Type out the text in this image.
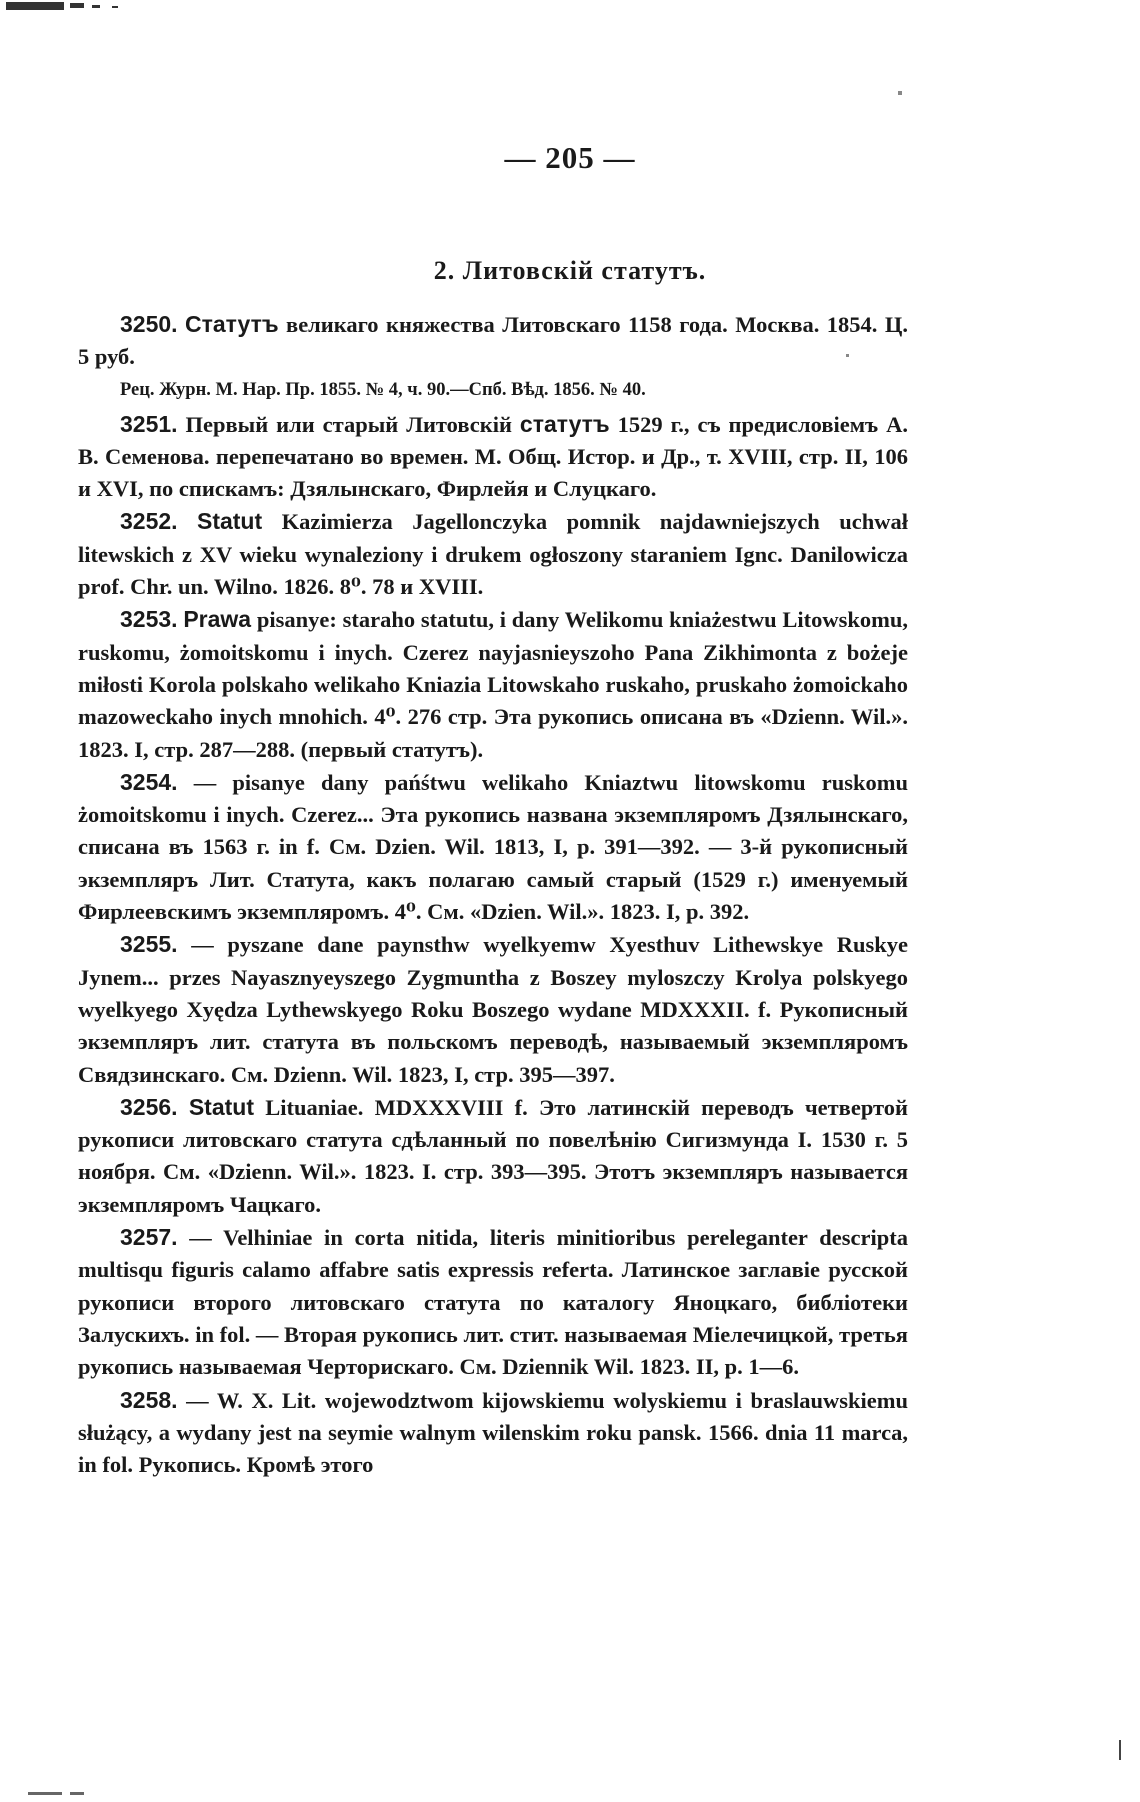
— 205 —
2. Литовскій статутъ.

3250. Статутъ великаго княжества Литовскаго 1158 года. Москва. 1854. Ц. 5 руб.

Рец. Журн. М. Нар. Пр. 1855. № 4, ч. 90.—Спб. Вѣд. 1856. № 40.

3251. Первый или старый Литовскій статутъ 1529 г., съ предисловіемъ А. В. Семенова. перепечатано во времен. М. Общ. Истор. и Др., т. XVIII, стр. II, 106 и XVI, по спискамъ: Дзялынскаго, Фирлейя и Слуцкаго.

3252. Statut Kazimierza Jagellonczyka pomnik najdawniejszych uchwał litewskich z XV wieku wynaleziony i drukem ogłoszony staraniem Ignc. Danilowicza prof. Chr. un. Wilno. 1826. 8⁰. 78 и XVIII.

3253. Prawa pisanye: staraho statutu, i dany Welikomu kniażestwu Litowskomu, ruskomu, żomoitskomu i inych. Czerez nayjasnieyszoho Pana Zikhimonta z bożeje miłosti Korola polskaho welikaho Kniazia Litowskaho ruskaho, pruskaho żomoickaho mazoweckaho inych mnohich. 4⁰. 276 стр. Эта рукопись описана въ «Dzienn. Wil.». 1823. I, стр. 287—288. (первый статутъ).

3254. — pisanye dany pańśtwu welikaho Kniaztwu litowskomu ruskomu żomoitskomu i inych. Czerez... Эта рукопись названа экземпляромъ Дзялынскаго, списана въ 1563 г. in f. См. Dzien. Wil. 1813, I, p. 391—392. — 3-й рукописный экземпляръ Лит. Статута, какъ полагаю самый старый (1529 г.) именуемый Фирлеевскимъ экземпляромъ. 4⁰. См. «Dzien. Wil.». 1823. I, p. 392.

3255. — pyszane dane paynsthw wyelkyemw Xyesthuv Lithewskye Ruskye Jynem... przes Nayasznyeyszego Zygmuntha z Boszey myloszczy Krolya polskyego wyelkyego Xyędza Lythewskyego Roku Boszego wydane MDXXXII. f. Рукописный экземпляръ лит. статута въ польскомъ переводѣ, называемый экземпляромъ Свядзинскаго. См. Dzienn. Wil. 1823, I, стр. 395—397.

3256. Statut Lituaniae. MDXXXVIII f. Это латинскій переводъ четвертой рукописи литовскаго статута сдѣланный по повелѣнію Сигизмунда I. 1530 г. 5 ноября. См. «Dzienn. Wil.». 1823. I. стр. 393—395. Этотъ экземпляръ называется экземпляромъ Чацкаго.

3257. — Velhiniae in corta nitida, literis minitioribus pereleganter descripta multisqu figuris calamo affabre satis expressis referta. Латинское заглавіе русской рукописи второго литовскаго статута по каталогу Яноцкаго, библіотеки Залускихъ. in fol. — Вторая рукопись лит. стит. называемая Міелечицкой, третья рукопись называемая Черторискаго. См. Dziennik Wil. 1823. II, p. 1—6.

3258. — W. X. Lit. wojewodztwom kijowskiemu wolyskiemu i braslauwskiemu służący, a wydany jest na seymie walnym wilenskim roku pansk. 1566. dnia 11 marca, in fol. Рукопись. Кромѣ этого
